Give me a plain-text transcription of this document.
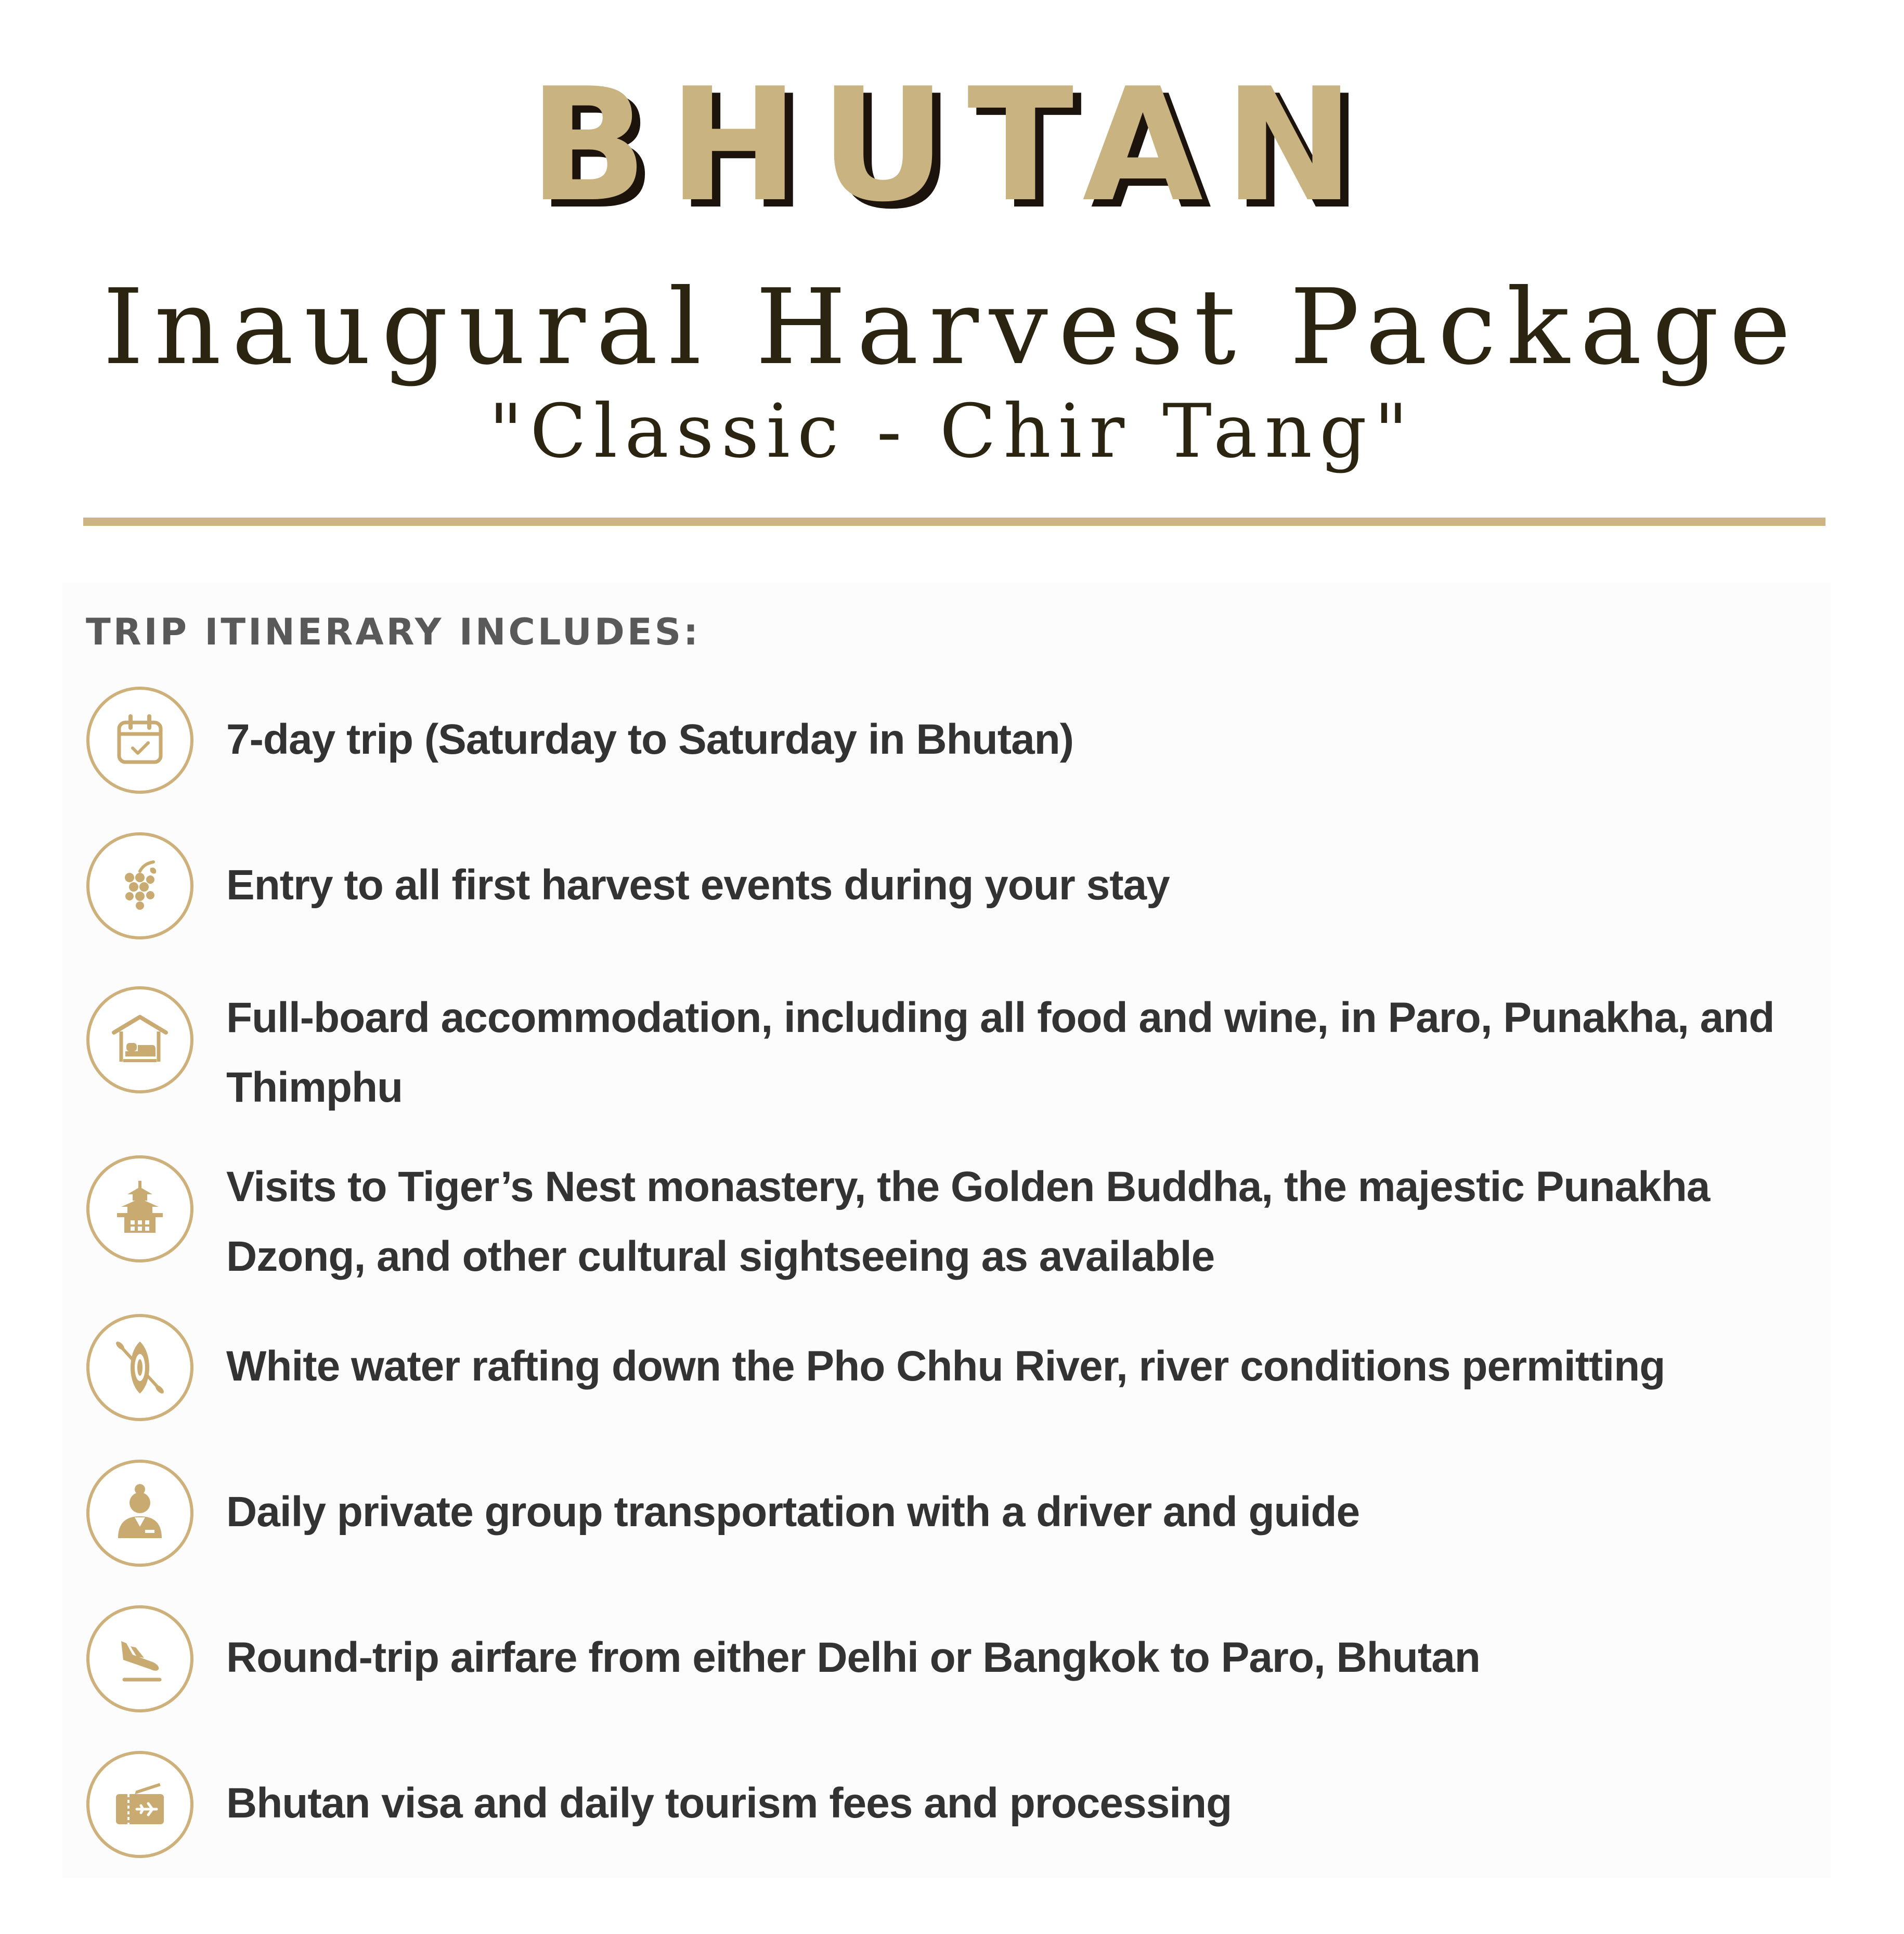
BHUTAN
Inaugural Harvest Package
"Classic - Chir Tang"
TRIP ITINERARY INCLUDES:
7-day trip (Saturday to Saturday in Bhutan)
Entry to all first harvest events during your stay
Full-board accommodation, including all food and wine, in Paro, Punakha, and Thimphu
Visits to Tiger’s Nest monastery, the Golden Buddha, the majestic Punakha Dzong, and other cultural sightseeing as available
White water rafting down the Pho Chhu River, river conditions permitting
Daily private group transportation with a driver and guide
Round-trip airfare from either Delhi or Bangkok to Paro, Bhutan
Bhutan visa and daily tourism fees and processing
